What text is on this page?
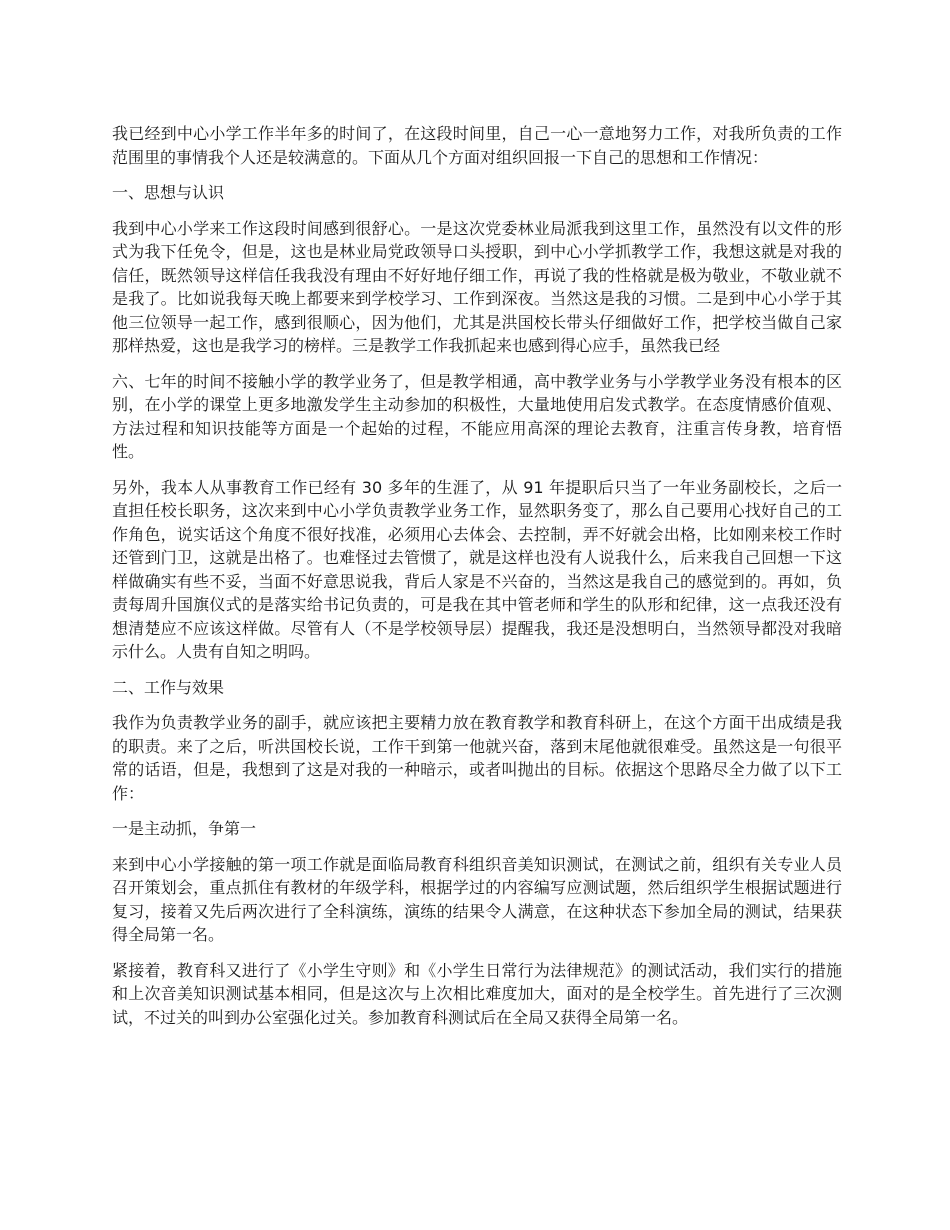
我已经到中心小学工作半年多的时间了，在这段时间里，自己一心一意地努力工作，对我所负责的工作范围里的事情我个人还是较满意的。下面从几个方面对组织回报一下自己的思想和工作情况：

一、思想与认识

我到中心小学来工作这段时间感到很舒心。一是这次党委林业局派我到这里工作，虽然没有以文件的形式为我下任免令，但是，这也是林业局党政领导口头授职，到中心小学抓教学工作，我想这就是对我的信任，既然领导这样信任我我没有理由不好好地仔细工作，再说了我的性格就是极为敬业，不敬业就不是我了。比如说我每天晚上都要来到学校学习、工作到深夜。当然这是我的习惯。二是到中心小学于其他三位领导一起工作，感到很顺心，因为他们，尤其是洪国校长带头仔细做好工作，把学校当做自己家那样热爱，这也是我学习的榜样。三是教学工作我抓起来也感到得心应手，虽然我已经

六、七年的时间不接触小学的教学业务了，但是教学相通，高中教学业务与小学教学业务没有根本的区别，在小学的课堂上更多地激发学生主动参加的积极性，大量地使用启发式教学。在态度情感价值观、方法过程和知识技能等方面是一个起始的过程，不能应用高深的理论去教育，注重言传身教，培育悟性。

另外，我本人从事教育工作已经有 30 多年的生涯了，从 91 年提职后只当了一年业务副校长，之后一直担任校长职务，这次来到中心小学负责教学业务工作，显然职务变了，那么自己要用心找好自己的工作角色，说实话这个角度不很好找准，必须用心去体会、去控制，弄不好就会出格，比如刚来校工作时还管到门卫，这就是出格了。也难怪过去管惯了，就是这样也没有人说我什么，后来我自己回想一下这样做确实有些不妥，当面不好意思说我，背后人家是不兴奋的，当然这是我自己的感觉到的。再如，负责每周升国旗仪式的是落实给书记负责的，可是我在其中管老师和学生的队形和纪律，这一点我还没有想清楚应不应该这样做。尽管有人（不是学校领导层）提醒我，我还是没想明白，当然领导都没对我暗示什么。人贵有自知之明吗。

二、工作与效果

我作为负责教学业务的副手，就应该把主要精力放在教育教学和教育科研上，在这个方面干出成绩是我的职责。来了之后，听洪国校长说，工作干到第一他就兴奋，落到末尾他就很难受。虽然这是一句很平常的话语，但是，我想到了这是对我的一种暗示，或者叫抛出的目标。依据这个思路尽全力做了以下工作：

一是主动抓，争第一

来到中心小学接触的第一项工作就是面临局教育科组织音美知识测试，在测试之前，组织有关专业人员召开策划会，重点抓住有教材的年级学科，根据学过的内容编写应测试题，然后组织学生根据试题进行复习，接着又先后两次进行了全科演练，演练的结果令人满意，在这种状态下参加全局的测试，结果获得全局第一名。

紧接着，教育科又进行了《小学生守则》和《小学生日常行为法律规范》的测试活动，我们实行的措施和上次音美知识测试基本相同，但是这次与上次相比难度加大，面对的是全校学生。首先进行了三次测试，不过关的叫到办公室强化过关。参加教育科测试后在全局又获得全局第一名。
